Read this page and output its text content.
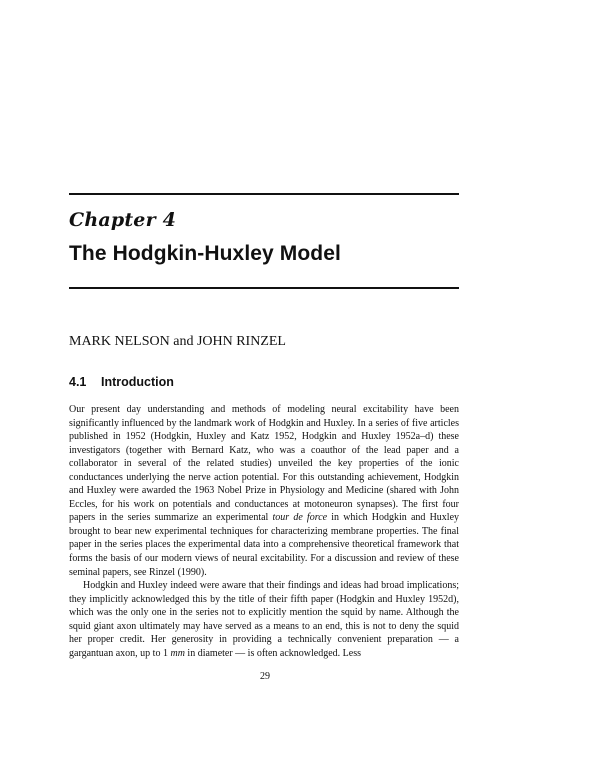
Chapter 4
The Hodgkin-Huxley Model
MARK NELSON and JOHN RINZEL
4.1 Introduction

Our present day understanding and methods of modeling neural excitability have been significantly influenced by the landmark work of Hodgkin and Huxley. In a series of five articles published in 1952 (Hodgkin, Huxley and Katz 1952, Hodgkin and Huxley 1952a–d) these investigators (together with Bernard Katz, who was a coauthor of the lead paper and a collaborator in several of the related studies) unveiled the key properties of the ionic conductances underlying the nerve action potential. For this outstanding achievement, Hodgkin and Huxley were awarded the 1963 Nobel Prize in Physiology and Medicine (shared with John Eccles, for his work on potentials and conductances at motoneuron synapses). The first four papers in the series summarize an experimental tour de force in which Hodgkin and Huxley brought to bear new experimental techniques for characterizing membrane properties. The final paper in the series places the experimental data into a comprehensive theoretical framework that forms the basis of our modern views of neural excitability. For a discussion and review of these seminal papers, see Rinzel (1990).

Hodgkin and Huxley indeed were aware that their findings and ideas had broad implications; they implicitly acknowledged this by the title of their fifth paper (Hodgkin and Huxley 1952d), which was the only one in the series not to explicitly mention the squid by name. Although the squid giant axon ultimately may have served as a means to an end, this is not to deny the squid her proper credit. Her generosity in providing a technically convenient preparation — a gargantuan axon, up to 1 mm in diameter — is often acknowledged. Less

29
